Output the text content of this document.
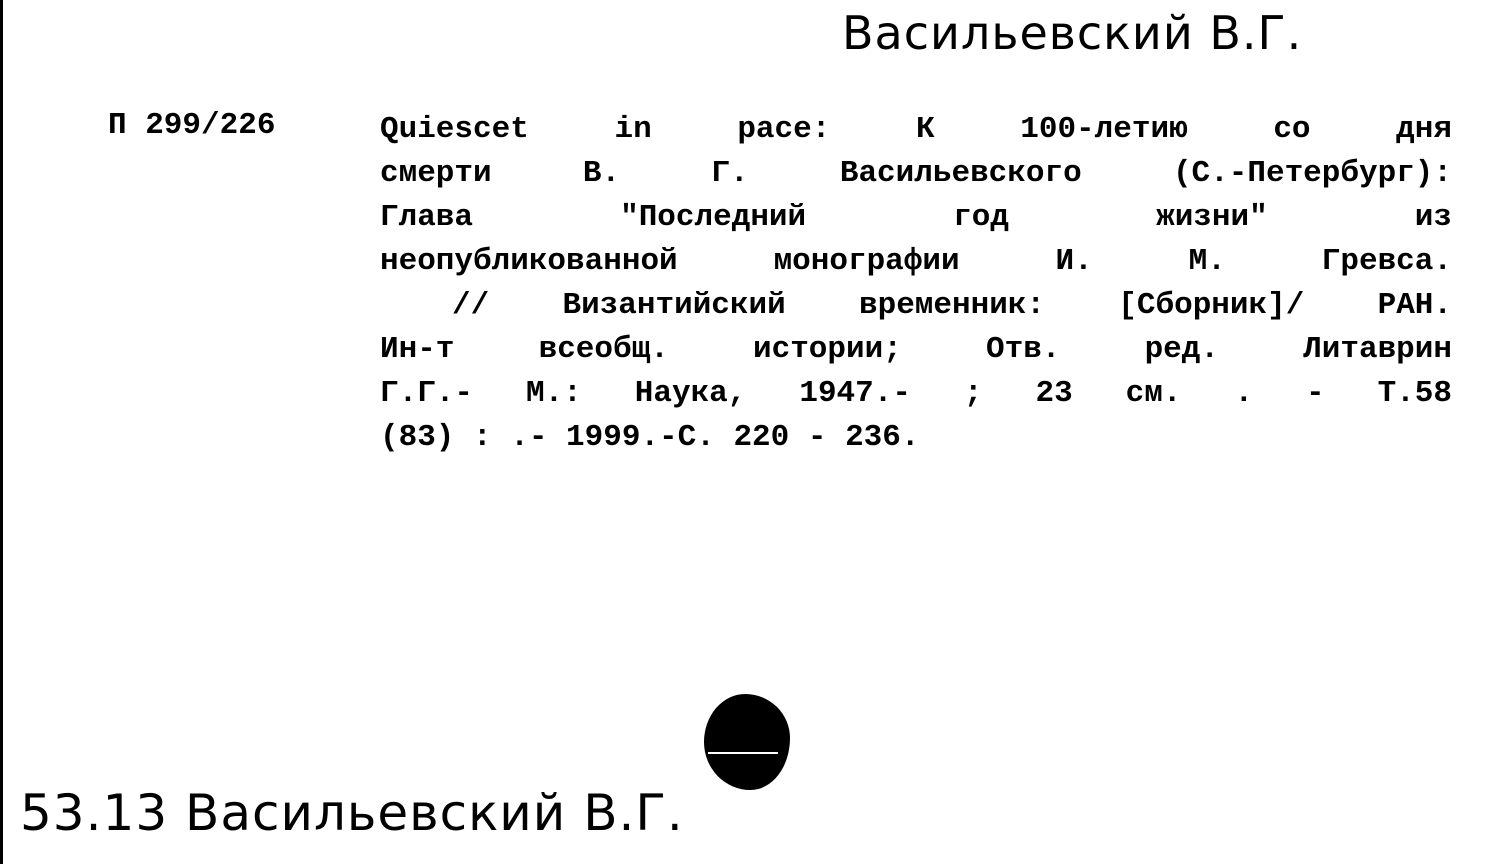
Васильевский В.Г.
П 299/226	Quiescet in pace: К 100-летию со дня
смерти В. Г. Васильевского (С.-Петербург):
Глава "Последний год жизни" из
неопубликованной монографии И. М. Гревса.
// Византийский временник: [Сборник]/ РАН.
Ин-т всеобщ. истории; Отв. ред. Литаврин
Г.Г.- М.: Наука, 1947.- ; 23 см. . - Т.58
(83) : .- 1999.-С. 220 - 236.
53.13 Васильевский В.Г.
